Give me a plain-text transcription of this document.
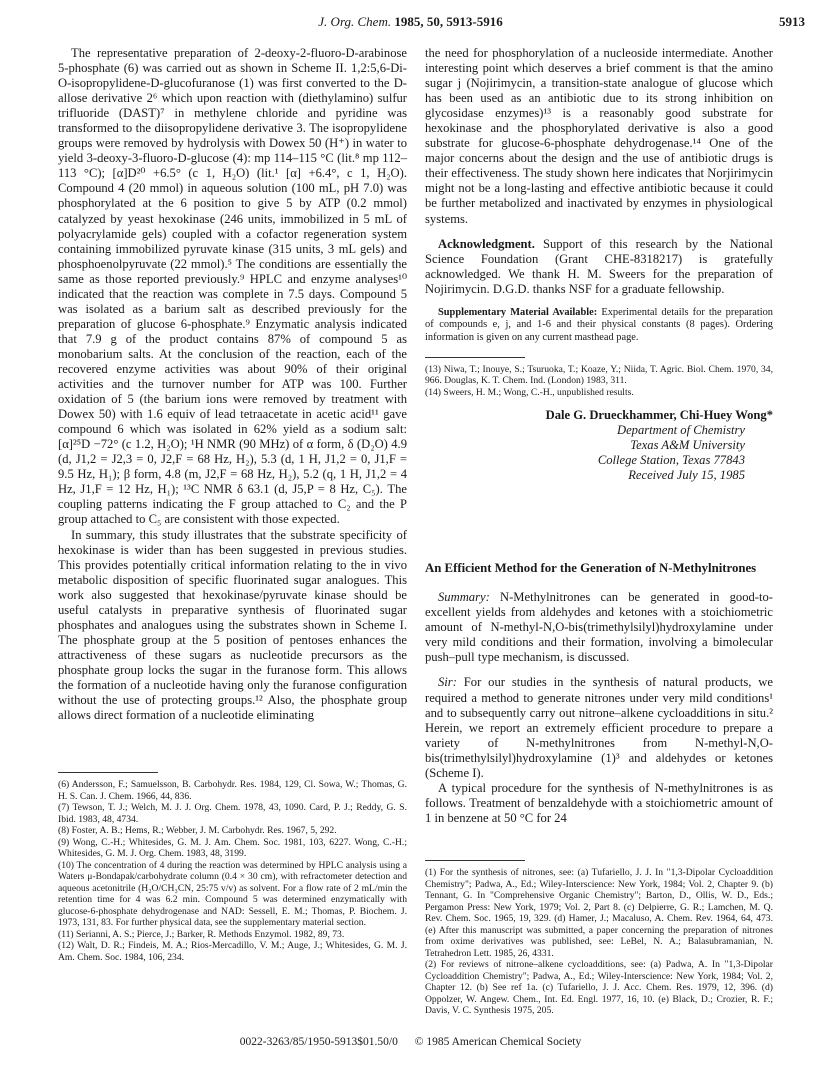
J. Org. Chem. 1985, 50, 5913-5916	5913

The representative preparation of 2-deoxy-2-fluoro-D-arabinose 5-phosphate (6) was carried out as shown in Scheme II. 1,2:5,6-Di-O-isopropylidene-D-glucofuranose (1) was first converted to the D-allose derivative 2⁶ which upon reaction with (diethylamino) sulfur trifluoride (DAST)⁷ in methylene chloride and pyridine was transformed to the diisopropylidene derivative 3. The isopropylidene groups were removed by hydrolysis with Dowex 50 (H⁺) in water to yield 3-deoxy-3-fluoro-D-glucose (4): mp 114–115 °C (lit.⁸ mp 112–113 °C); [α]D²⁰ +6.5° (c 1, H₂O) (lit.¹ [α] +6.4°, c 1, H₂O). Compound 4 (20 mmol) in aqueous solution (100 mL, pH 7.0) was phosphorylated at the 6 position to give 5 by ATP (0.2 mmol) catalyzed by yeast hexokinase (246 units, immobilized in 5 mL of polyacrylamide gels) coupled with a cofactor regeneration system containing immobilized pyruvate kinase (315 units, 3 mL gels) and phosphoenolpyruvate (22 mmol).⁵ The conditions are essentially the same as those reported previously.⁹ HPLC and enzyme analyses¹⁰ indicated that the reaction was complete in 7.5 days. Compound 5 was isolated as a barium salt as described previously for the preparation of glucose 6-phosphate.⁹ Enzymatic analysis indicated that 7.9 g of the product contains 87% of compound 5 as monobarium salts. At the conclusion of the reaction, each of the recovered enzyme activities was about 90% of their original activities and the turnover number for ATP was 100. Further oxidation of 5 (the barium ions were removed by treatment with Dowex 50) with 1.6 equiv of lead tetraacetate in acetic acid¹¹ gave compound 6 which was isolated in 62% yield as a sodium salt: [α]²⁵D −72° (c 1.2, H₂O); ¹H NMR (90 MHz) of α form, δ (D₂O) 4.9 (d, J1,2 = J2,3 = 0, J2,F = 68 Hz, H₂), 5.3 (d, 1 H, J1,2 = 0, J1,F = 9.5 Hz, H₁); β form, 4.8 (m, J2,F = 68 Hz, H₂), 5.2 (q, 1 H, J1,2 = 4 Hz, J1,F = 12 Hz, H₁); ¹³C NMR δ 63.1 (d, J5,P = 8 Hz, C₅). The coupling patterns indicating the F group attached to C₂ and the P group attached to C₅ are consistent with those expected.

In summary, this study illustrates that the substrate specificity of hexokinase is wider than has been suggested in previous studies. This provides potentially critical information relating to the in vivo metabolic disposition of specific fluorinated sugar analogues. This work also suggested that hexokinase/pyruvate kinase should be useful catalysts in preparative synthesis of fluorinated sugar phosphates and analogues using the substrates shown in Scheme I. The phosphate group at the 5 position of pentoses enhances the attractiveness of these sugars as nucleotide precursors as the phosphate group locks the sugar in the furanose form. This allows the formation of a nucleotide having only the furanose configuration without the use of protecting groups.¹² Also, the phosphate group allows direct formation of a nucleotide eliminating

(6) Andersson, F.; Samuelsson, B. Carbohydr. Res. 1984, 129, Cl. Sowa, W.; Thomas, G. H. S. Can. J. Chem. 1966, 44, 836.

(7) Tewson, T. J.; Welch, M. J. J. Org. Chem. 1978, 43, 1090. Card, P. J.; Reddy, G. S. Ibid. 1983, 48, 4734.

(8) Foster, A. B.; Hems, R.; Webber, J. M. Carbohydr. Res. 1967, 5, 292.

(9) Wong, C.-H.; Whitesides, G. M. J. Am. Chem. Soc. 1981, 103, 6227. Wong, C.-H.; Whitesides, G. M. J. Org. Chem. 1983, 48, 3199.

(10) The concentration of 4 during the reaction was determined by HPLC analysis using a Waters μ-Bondapak/carbohydrate column (0.4 × 30 cm), with refractometer detection and aqueous acetonitrile (H₂O/CH₃CN, 25:75 v/v) as solvent. For a flow rate of 2 mL/min the retention time for 4 was 6.2 min. Compound 5 was determined enzymatically with glucose-6-phosphate dehydrogenase and NAD: Sessell, E. M.; Thomas, P. Biochem. J. 1973, 131, 83. For further physical data, see the supplementary material section.

(11) Serianni, A. S.; Pierce, J.; Barker, R. Methods Enzymol. 1982, 89, 73.

(12) Walt, D. R.; Findeis, M. A.; Rios-Mercadillo, V. M.; Auge, J.; Whitesides, G. M. J. Am. Chem. Soc. 1984, 106, 234.

the need for phosphorylation of a nucleoside intermediate. Another interesting point which deserves a brief comment is that the amino sugar j (Nojirimycin, a transition-state analogue of glucose which has been used as an antibiotic due to its strong inhibition on glycosidase enzymes)¹³ is a reasonably good substrate for hexokinase and the phosphorylated derivative is also a good substrate for glucose-6-phosphate dehydrogenase.¹⁴ One of the major concerns about the design and the use of antibiotic drugs is their effectiveness. The study shown here indicates that Norjirimycin might not be a long-lasting and effective antibiotic because it could be further metabolized and inactivated by enzymes in physiological systems.

Acknowledgment. Support of this research by the National Science Foundation (Grant CHE-8318217) is gratefully acknowledged. We thank H. M. Sweers for the preparation of Nojirimycin. D.G.D. thanks NSF for a graduate fellowship.

Supplementary Material Available: Experimental details for the preparation of compounds e, j, and 1-6 and their physical constants (8 pages). Ordering information is given on any current masthead page.

(13) Niwa, T.; Inouye, S.; Tsuruoka, T.; Koaze, Y.; Niida, T. Agric. Biol. Chem. 1970, 34, 966. Douglas, K. T. Chem. Ind. (London) 1983, 311.

(14) Sweers, H. M.; Wong, C.-H., unpublished results.

Dale G. Drueckhammer, Chi-Huey Wong*
Department of Chemistry
Texas A&M University
College Station, Texas 77843
Received July 15, 1985
An Efficient Method for the Generation of N-Methylnitrones

Summary: N-Methylnitrones can be generated in good-to-excellent yields from aldehydes and ketones with a stoichiometric amount of N-methyl-N,O-bis(trimethylsilyl)hydroxylamine under very mild conditions and their formation, involving a bimolecular push–pull type mechanism, is discussed.

Sir: For our studies in the synthesis of natural products, we required a method to generate nitrones under very mild conditions¹ and to subsequently carry out nitrone–alkene cycloadditions in situ.² Herein, we report an extremely efficient procedure to prepare a variety of N-methylnitrones from N-methyl-N,O-bis(trimethylsilyl)hydroxylamine (1)³ and aldehydes or ketones (Scheme I).

A typical procedure for the synthesis of N-methylnitrones is as follows. Treatment of benzaldehyde with a stoichiometric amount of 1 in benzene at 50 °C for 24

(1) For the synthesis of nitrones, see: (a) Tufariello, J. J. In "1,3-Dipolar Cycloaddition Chemistry"; Padwa, A., Ed.; Wiley-Interscience: New York, 1984; Vol. 2, Chapter 9. (b) Tennant, G. In "Comprehensive Organic Chemistry"; Barton, D., Ollis, W. D., Eds.; Pergamon Press: New York, 1979; Vol. 2, Part 8. (c) Delpierre, G. R.; Lamchen, M. Q. Rev. Chem. Soc. 1965, 19, 329. (d) Hamer, J.; Macaluso, A. Chem. Rev. 1964, 64, 473. (e) After this manuscript was submitted, a paper concerning the preparation of nitrones from oxime derivatives was published, see: LeBel, N. A.; Balasubramanian, N. Tetrahedron Lett. 1985, 26, 4331.

(2) For reviews of nitrone–alkene cycloadditions, see: (a) Padwa, A. In "1,3-Dipolar Cycloaddition Chemistry"; Padwa, A., Ed.; Wiley-Interscience: New York, 1984; Vol. 2, Chapter 12. (b) See ref 1a. (c) Tufariello, J. J. Acc. Chem. Res. 1979, 12, 396. (d) Oppolzer, W. Angew. Chem., Int. Ed. Engl. 1977, 16, 10. (e) Black, D.; Crozier, R. F.; Davis, V. C. Synthesis 1975, 205.

0022-3263/85/1950-5913$01.50/0 © 1985 American Chemical Society
